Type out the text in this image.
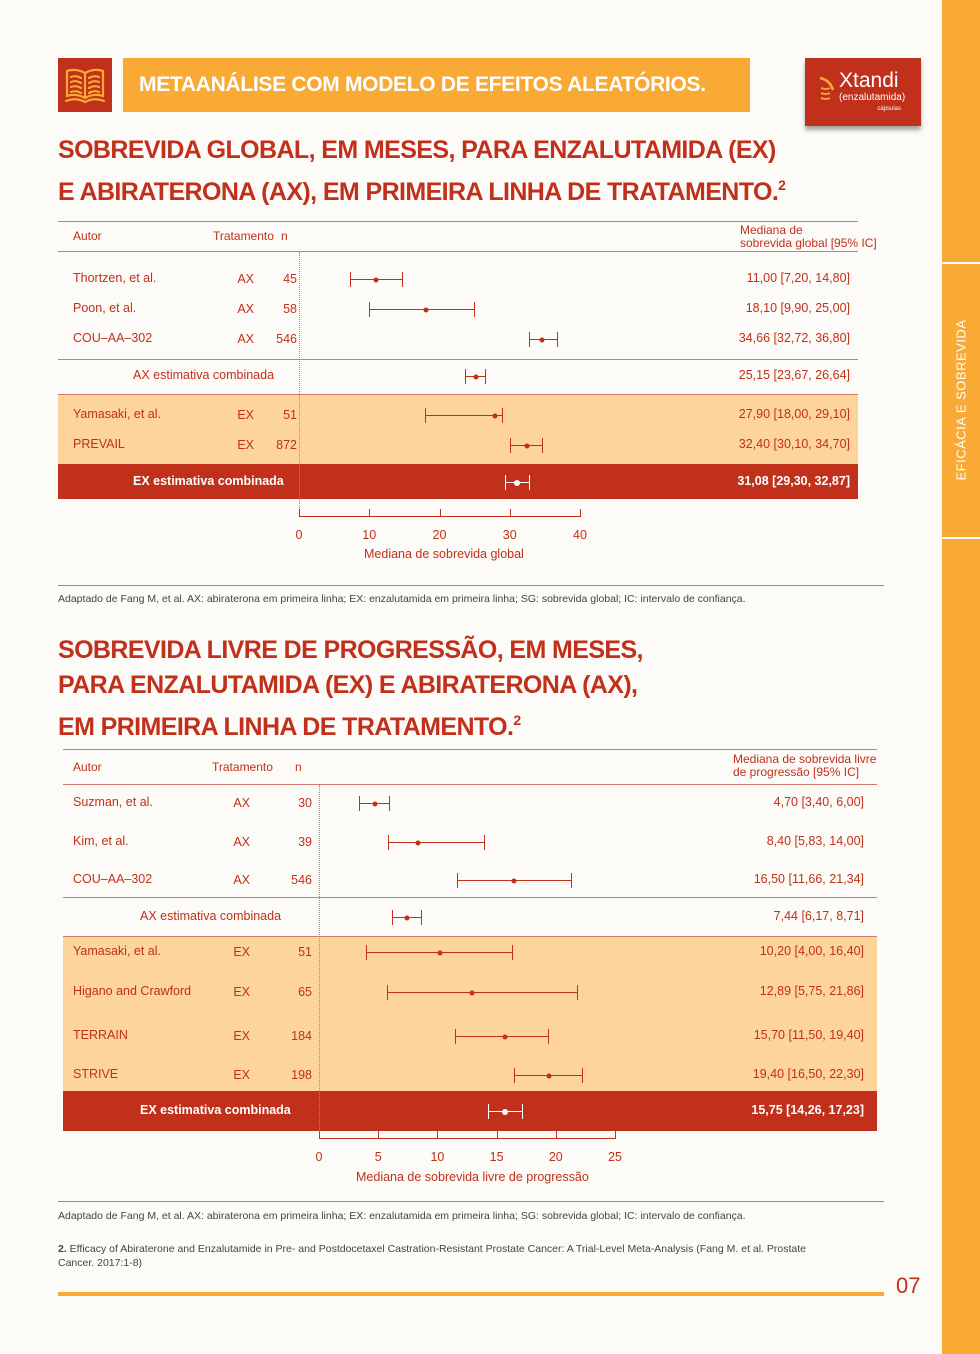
EFICÁCIA E SOBREVIDA
METAANÁLISE COM MODELO DE EFEITOS ALEATÓRIOS.	Xtandi
(enzalutamida)
cápsulas
SOBREVIDA GLOBAL, EM MESES, PARA ENZALUTAMIDA (EX)
E ABIRATERONA (AX), EM PRIMEIRA LINHA DE TRATAMENTO.$^2$
Autor	Tratamento n	Mediana de
sobrevida global [95% IC]
Thortzen, et al.	AX	45	11,00 [7,20, 14,80]
Poon, et al.	AX	58	18,10 [9,90, 25,00]
COU–AA–302	AX	546	34,66 [32,72, 36,80]
AX estimativa combinada	25,15 [23,67, 26,64]
Yamasaki, et al.	EX	51	27,90 [18,00, 29,10]
PREVAIL	EX	872	32,40 [30,10, 34,70]
EX estimativa combinada	31,08 [29,30, 32,87]
0	10	20	30	40
Mediana de sobrevida global
Adaptado de Fang M, et al. AX: abiraterona em primeira linha; EX: enzalutamida em primeira linha; SG: sobrevida global; IC: intervalo de confiança.
SOBREVIDA LIVRE DE PROGRESSÃO, EM MESES,
PARA ENZALUTAMIDA (EX) E ABIRATERONA (AX),
EM PRIMEIRA LINHA DE TRATAMENTO.$^2$
Autor	Tratamento n
Mediana de sobrevida livre
de progressão [95% IC]
Suzman, et al.	AX	30	4,70 [3,40, 6,00]
Kim, et al.	AX	39	8,40 [5,83, 14,00]
COU–AA–302	AX	546	16,50 [11,66, 21,34]
AX estimativa combinada	7,44 [6,17, 8,71]
Yamasaki, et al.	EX	51	10,20 [4,00, 16,40]
Higano and Crawford	EX	65	12,89 [5,75, 21,86]
TERRAIN	EX	184	15,70 [11,50, 19,40]
STRIVE	EX	198	19,40 [16,50, 22,30]
EX estimativa combinada	15,75 [14,26, 17,23]
0	5	10	15	20	25
Mediana de sobrevida livre de progressão
Adaptado de Fang M, et al. AX: abiraterona em primeira linha; EX: enzalutamida em primeira linha; SG: sobrevida global; IC: intervalo de confiança.
2. Efficacy of Abiraterone and Enzalutamide in Pre- and Postdocetaxel Castration-Resistant Prostate Cancer: A Trial-Level Meta-Analysis (Fang M. et al. Prostate
Cancer. 2017:1-8)
07
